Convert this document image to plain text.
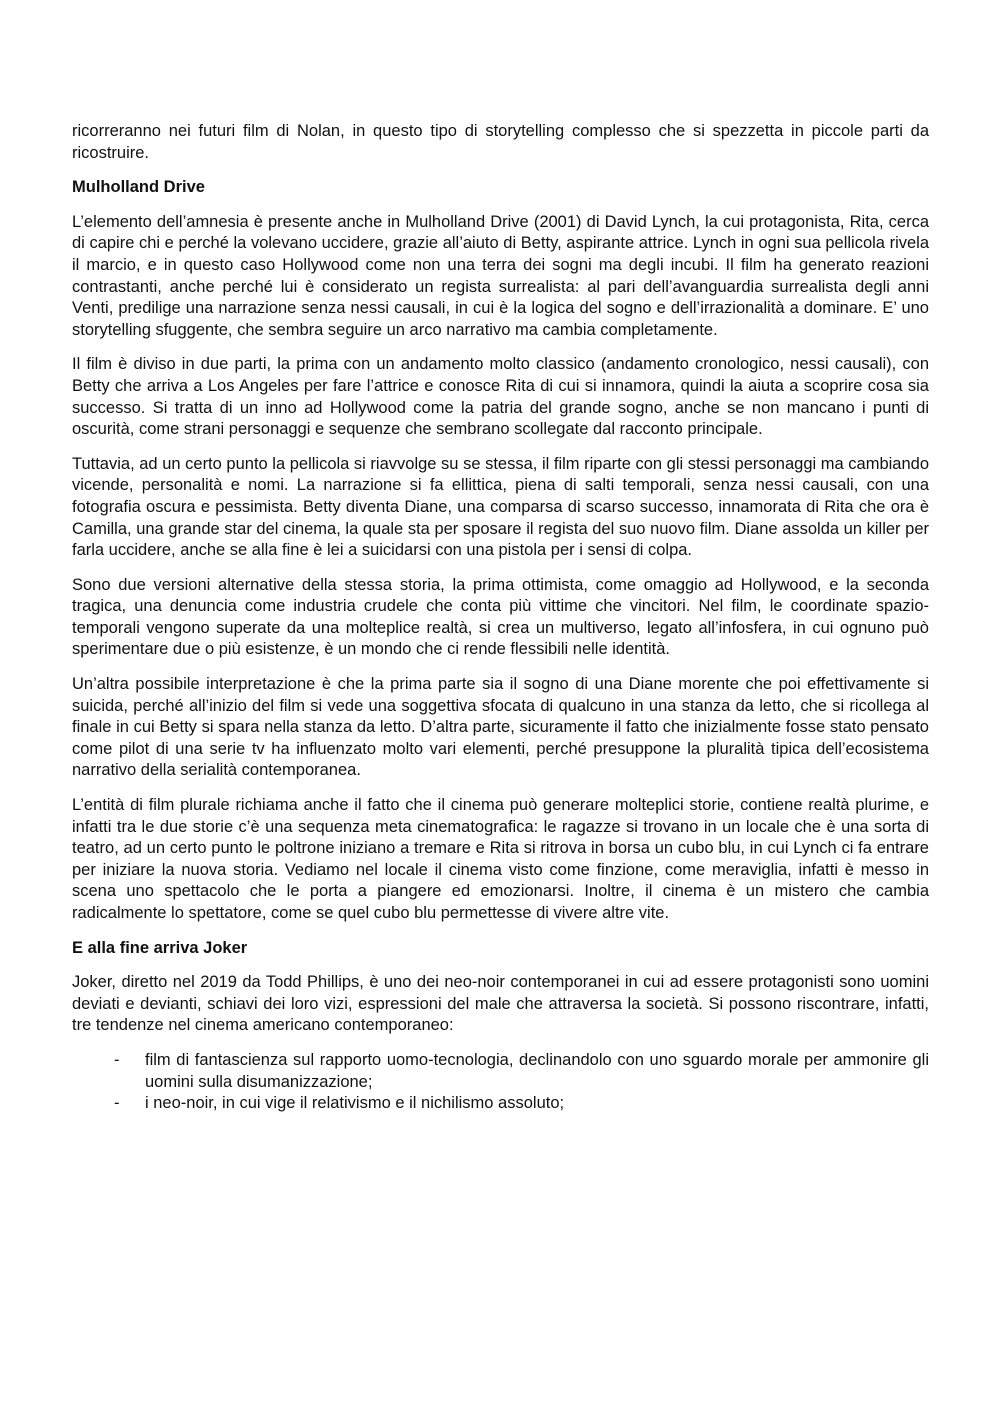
ricorreranno nei futuri film di Nolan, in questo tipo di storytelling complesso che si spezzetta in piccole parti da ricostruire.

Mulholland Drive

L’elemento dell’amnesia è presente anche in Mulholland Drive (2001) di David Lynch, la cui protagonista, Rita, cerca di capire chi e perché la volevano uccidere, grazie all’aiuto di Betty, aspirante attrice. Lynch in ogni sua pellicola rivela il marcio, e in questo caso Hollywood come non una terra dei sogni ma degli incubi. Il film ha generato reazioni contrastanti, anche perché lui è considerato un regista surrealista: al pari dell’avanguardia surrealista degli anni Venti, predilige una narrazione senza nessi causali, in cui è la logica del sogno e dell’irrazionalità a dominare. E’ uno storytelling sfuggente, che sembra seguire un arco narrativo ma cambia completamente.

Il film è diviso in due parti, la prima con un andamento molto classico (andamento cronologico, nessi causali), con Betty che arriva a Los Angeles per fare l’attrice e conosce Rita di cui si innamora, quindi la aiuta a scoprire cosa sia successo. Si tratta di un inno ad Hollywood come la patria del grande sogno, anche se non mancano i punti di oscurità, come strani personaggi e sequenze che sembrano scollegate dal racconto principale.

Tuttavia, ad un certo punto la pellicola si riavvolge su se stessa, il film riparte con gli stessi personaggi ma cambiando vicende, personalità e nomi. La narrazione si fa ellittica, piena di salti temporali, senza nessi causali, con una fotografia oscura e pessimista. Betty diventa Diane, una comparsa di scarso successo, innamorata di Rita che ora è Camilla, una grande star del cinema, la quale sta per sposare il regista del suo nuovo film. Diane assolda un killer per farla uccidere, anche se alla fine è lei a suicidarsi con una pistola per i sensi di colpa.

Sono due versioni alternative della stessa storia, la prima ottimista, come omaggio ad Hollywood, e la seconda tragica, una denuncia come industria crudele che conta più vittime che vincitori. Nel film, le coordinate spazio-temporali vengono superate da una molteplice realtà, si crea un multiverso, legato all’infosfera, in cui ognuno può sperimentare due o più esistenze, è un mondo che ci rende flessibili nelle identità.

Un’altra possibile interpretazione è che la prima parte sia il sogno di una Diane morente che poi effettivamente si suicida, perché all’inizio del film si vede una soggettiva sfocata di qualcuno in una stanza da letto, che si ricollega al finale in cui Betty si spara nella stanza da letto. D’altra parte, sicuramente il fatto che inizialmente fosse stato pensato come pilot di una serie tv ha influenzato molto vari elementi, perché presuppone la pluralità tipica dell’ecosistema narrativo della serialità contemporanea.

L’entità di film plurale richiama anche il fatto che il cinema può generare molteplici storie, contiene realtà plurime, e infatti tra le due storie c’è una sequenza meta cinematografica: le ragazze si trovano in un locale che è una sorta di teatro, ad un certo punto le poltrone iniziano a tremare e Rita si ritrova in borsa un cubo blu, in cui Lynch ci fa entrare per iniziare la nuova storia. Vediamo nel locale il cinema visto come finzione, come meraviglia, infatti è messo in scena uno spettacolo che le porta a piangere ed emozionarsi. Inoltre, il cinema è un mistero che cambia radicalmente lo spettatore, come se quel cubo blu permettesse di vivere altre vite.

E alla fine arriva Joker

Joker, diretto nel 2019 da Todd Phillips, è uno dei neo-noir contemporanei in cui ad essere protagonisti sono uomini deviati e devianti, schiavi dei loro vizi, espressioni del male che attraversa la società. Si possono riscontrare, infatti, tre tendenze nel cinema americano contemporaneo:

- film di fantascienza sul rapporto uomo-tecnologia, declinandolo con uno sguardo morale per ammonire gli uomini sulla disumanizzazione;
- i neo-noir, in cui vige il relativismo e il nichilismo assoluto;
